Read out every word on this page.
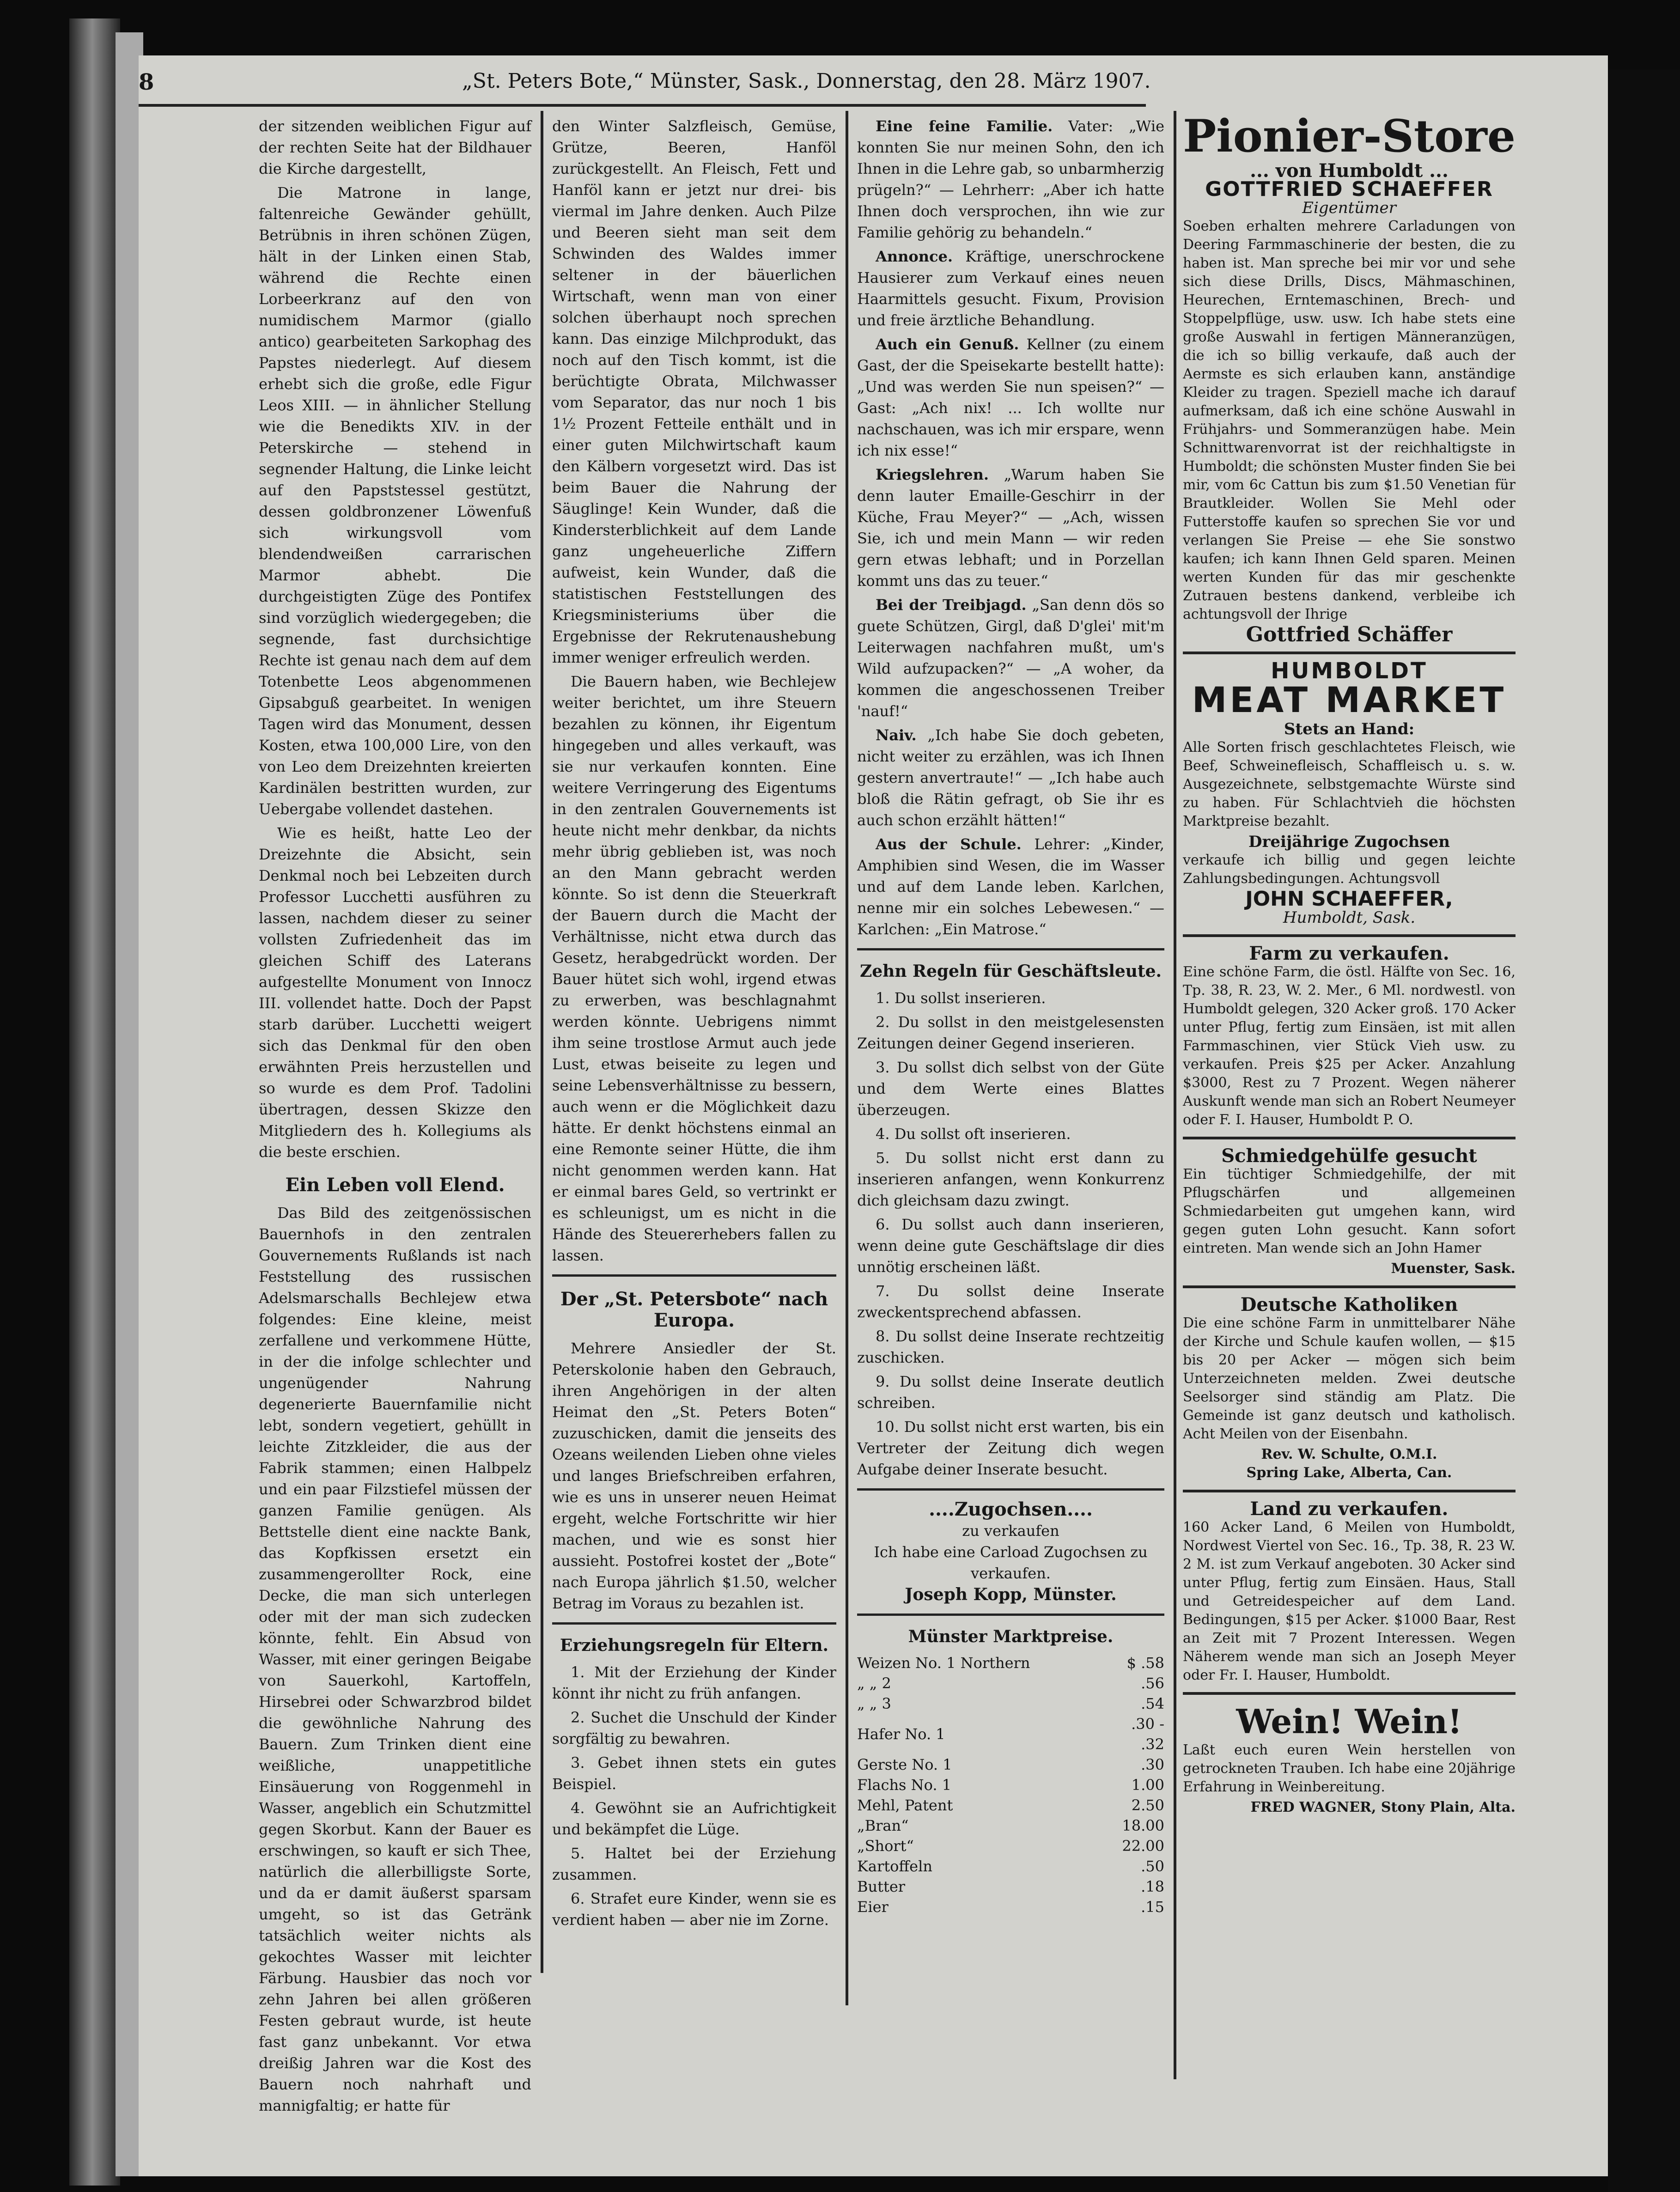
8	„St. Peters Bote,“ Münster, Sask., Donnerstag, den 28. März 1907.

der sitzenden weiblichen Figur auf der rechten Seite hat der Bildhauer die Kirche dargestellt,

Die Matrone in lange, faltenreiche Gewänder gehüllt, Betrübnis in ihren schönen Zügen, hält in der Linken einen Stab, während die Rechte einen Lorbeerkranz auf den von numidischem Marmor (giallo antico) gearbeiteten Sarkophag des Papstes niederlegt. Auf diesem erhebt sich die große, edle Figur Leos XIII. — in ähnlicher Stellung wie die Benedikts XIV. in der Peterskirche — stehend in segnender Haltung, die Linke leicht auf den Papststessel gestützt, dessen goldbronzener Löwenfuß sich wirkungsvoll vom blendendweißen carrarischen Marmor abhebt. Die durchgeistigten Züge des Pontifex sind vorzüglich wiedergegeben; die segnende, fast durchsichtige Rechte ist genau nach dem auf dem Totenbette Leos abgenommenen Gipsabguß gearbeitet. In wenigen Tagen wird das Monument, dessen Kosten, etwa 100,000 Lire, von den von Leo dem Dreizehnten kreierten Kardinälen bestritten wurden, zur Uebergabe vollendet dastehen.

Wie es heißt, hatte Leo der Dreizehnte die Absicht, sein Denkmal noch bei Lebzeiten durch Professor Lucchetti ausführen zu lassen, nachdem dieser zu seiner vollsten Zufriedenheit das im gleichen Schiff des Laterans aufgestellte Monument von Innocz III. vollendet hatte. Doch der Papst starb darüber. Lucchetti weigert sich das Denkmal für den oben erwähnten Preis herzustellen und so wurde es dem Prof. Tadolini übertragen, dessen Skizze den Mitgliedern des h. Kollegiums als die beste erschien.

Ein Leben voll Elend.

Das Bild des zeitgenössischen Bauernhofs in den zentralen Gouvernements Rußlands ist nach Feststellung des russischen Adelsmarschalls Bechlejew etwa folgendes: Eine kleine, meist zerfallene und verkommene Hütte, in der die infolge schlechter und ungenügender Nahrung degenerierte Bauernfamilie nicht lebt, sondern vegetiert, gehüllt in leichte Zitzkleider, die aus der Fabrik stammen; einen Halbpelz und ein paar Filzstiefel müssen der ganzen Familie genügen. Als Bettstelle dient eine nackte Bank, das Kopfkissen ersetzt ein zusammengerollter Rock, eine Decke, die man sich unterlegen oder mit der man sich zudecken könnte, fehlt. Ein Absud von Wasser, mit einer geringen Beigabe von Sauerkohl, Kartoffeln, Hirsebrei oder Schwarzbrod bildet die gewöhnliche Nahrung des Bauern. Zum Trinken dient eine weißliche, unappetitliche Einsäuerung von Roggenmehl in Wasser, angeblich ein Schutzmittel gegen Skorbut. Kann der Bauer es erschwingen, so kauft er sich Thee, natürlich die allerbilligste Sorte, und da er damit äußerst sparsam umgeht, so ist das Getränk tatsächlich weiter nichts als gekochtes Wasser mit leichter Färbung. Hausbier das noch vor zehn Jahren bei allen größeren Festen gebraut wurde, ist heute fast ganz unbekannt. Vor etwa dreißig Jahren war die Kost des Bauern noch nahrhaft und mannigfaltig; er hatte für

den Winter Salzfleisch, Gemüse, Grütze, Beeren, Hanföl zurückgestellt. An Fleisch, Fett und Hanföl kann er jetzt nur drei- bis viermal im Jahre denken. Auch Pilze und Beeren sieht man seit dem Schwinden des Waldes immer seltener in der bäuerlichen Wirtschaft, wenn man von einer solchen überhaupt noch sprechen kann. Das einzige Milchprodukt, das noch auf den Tisch kommt, ist die berüchtigte Obrata, Milchwasser vom Separator, das nur noch 1 bis 1½ Prozent Fetteile enthält und in einer guten Milchwirtschaft kaum den Kälbern vorgesetzt wird. Das ist beim Bauer die Nahrung der Säuglinge! Kein Wunder, daß die Kindersterblichkeit auf dem Lande ganz ungeheuerliche Ziffern aufweist, kein Wunder, daß die statistischen Feststellungen des Kriegsministeriums über die Ergebnisse der Rekrutenaushebung immer weniger erfreulich werden.

Die Bauern haben, wie Bechlejew weiter berichtet, um ihre Steuern bezahlen zu können, ihr Eigentum hingegeben und alles verkauft, was sie nur verkaufen konnten. Eine weitere Verringerung des Eigentums in den zentralen Gouvernements ist heute nicht mehr denkbar, da nichts mehr übrig geblieben ist, was noch an den Mann gebracht werden könnte. So ist denn die Steuerkraft der Bauern durch die Macht der Verhältnisse, nicht etwa durch das Gesetz, herabgedrückt worden. Der Bauer hütet sich wohl, irgend etwas zu erwerben, was beschlagnahmt werden könnte. Uebrigens nimmt ihm seine trostlose Armut auch jede Lust, etwas beiseite zu legen und seine Lebensverhältnisse zu bessern, auch wenn er die Möglichkeit dazu hätte. Er denkt höchstens einmal an eine Remonte seiner Hütte, die ihm nicht genommen werden kann. Hat er einmal bares Geld, so vertrinkt er es schleunigst, um es nicht in die Hände des Steuererhebers fallen zu lassen.

Der „St. Petersbote“ nach Europa.

Mehrere Ansiedler der St. Peterskolonie haben den Gebrauch, ihren Angehörigen in der alten Heimat den „St. Peters Boten“ zuzuschicken, damit die jenseits des Ozeans weilenden Lieben ohne vieles und langes Briefschreiben erfahren, wie es uns in unserer neuen Heimat ergeht, welche Fortschritte wir hier machen, und wie es sonst hier aussieht. Postofrei kostet der „Bote“ nach Europa jährlich $1.50, welcher Betrag im Voraus zu bezahlen ist.

Erziehungsregeln für Eltern.

1. Mit der Erziehung der Kinder könnt ihr nicht zu früh anfangen.

2. Suchet die Unschuld der Kinder sorgfältig zu bewahren.

3. Gebet ihnen stets ein gutes Beispiel.

4. Gewöhnt sie an Aufrichtigkeit und bekämpfet die Lüge.

5. Haltet bei der Erziehung zusammen.

6. Strafet eure Kinder, wenn sie es verdient haben — aber nie im Zorne.

Eine feine Familie. Vater: „Wie konnten Sie nur meinen Sohn, den ich Ihnen in die Lehre gab, so unbarmherzig prügeln?“ — Lehrherr: „Aber ich hatte Ihnen doch versprochen, ihn wie zur Familie gehörig zu behandeln.“

Annonce. Kräftige, unerschrockene Hausierer zum Verkauf eines neuen Haarmittels gesucht. Fixum, Provision und freie ärztliche Behandlung.

Auch ein Genuß. Kellner (zu einem Gast, der die Speisekarte bestellt hatte): „Und was werden Sie nun speisen?“ — Gast: „Ach nix! ... Ich wollte nur nachschauen, was ich mir erspare, wenn ich nix esse!“

Kriegslehren. „Warum haben Sie denn lauter Emaille-Geschirr in der Küche, Frau Meyer?“ — „Ach, wissen Sie, ich und mein Mann — wir reden gern etwas lebhaft; und in Porzellan kommt uns das zu teuer.“

Bei der Treibjagd. „San denn dös so guete Schützen, Girgl, daß D'glei' mit'm Leiterwagen nachfahren mußt, um's Wild aufzupacken?“ — „A woher, da kommen die angeschossenen Treiber 'nauf!“

Naiv. „Ich habe Sie doch gebeten, nicht weiter zu erzählen, was ich Ihnen gestern anvertraute!“ — „Ich habe auch bloß die Rätin gefragt, ob Sie ihr es auch schon erzählt hätten!“

Aus der Schule. Lehrer: „Kinder, Amphibien sind Wesen, die im Wasser und auf dem Lande leben. Karlchen, nenne mir ein solches Lebewesen.“ — Karlchen: „Ein Matrose.“

Zehn Regeln für Geschäftsleute.

1. Du sollst inserieren.

2. Du sollst in den meistgelesensten Zeitungen deiner Gegend inserieren.

3. Du sollst dich selbst von der Güte und dem Werte eines Blattes überzeugen.

4. Du sollst oft inserieren.

5. Du sollst nicht erst dann zu inserieren anfangen, wenn Konkurrenz dich gleichsam dazu zwingt.

6. Du sollst auch dann inserieren, wenn deine gute Geschäftslage dir dies unnötig erscheinen läßt.

7. Du sollst deine Inserate zweckentsprechend abfassen.

8. Du sollst deine Inserate rechtzeitig zuschicken.

9. Du sollst deine Inserate deutlich schreiben.

10. Du sollst nicht erst warten, bis ein Vertreter der Zeitung dich wegen Aufgabe deiner Inserate besucht.

....Zugochsen....
zu verkaufen
Ich habe eine Carload Zugochsen zu verkaufen.
Joseph Kopp, Münster.
Münster Marktpreise.
Weizen No. 1 Northern	$ .58
„ „ 2	.56
„ „ 3	.54
Hafer No. 1	.30 - .32
Gerste No. 1	.30
Flachs No. 1	1.00
Mehl, Patent	2.50
„Bran“	18.00
„Short“	22.00
Kartoffeln	.50
Butter	.18
Eier	.15
Pionier-Store
... von Humboldt ...
GOTTFRIED SCHAEFFER
Eigentümer

Soeben erhalten mehrere Carladungen von Deering Farmmaschinerie der besten, die zu haben ist. Man spreche bei mir vor und sehe sich diese Drills, Discs, Mähmaschinen, Heurechen, Erntemaschinen, Brech- und Stoppelpflüge, usw. usw. Ich habe stets eine große Auswahl in fertigen Männeranzügen, die ich so billig verkaufe, daß auch der Aermste es sich erlauben kann, anständige Kleider zu tragen. Speziell mache ich darauf aufmerksam, daß ich eine schöne Auswahl in Frühjahrs- und Sommeranzügen habe. Mein Schnittwarenvorrat ist der reichhaltigste in Humboldt; die schönsten Muster finden Sie bei mir, vom 6c Cattun bis zum $1.50 Venetian für Brautkleider. Wollen Sie Mehl oder Futterstoffe kaufen so sprechen Sie vor und verlangen Sie Preise — ehe Sie sonstwo kaufen; ich kann Ihnen Geld sparen. Meinen werten Kunden für das mir geschenkte Zutrauen bestens dankend, verbleibe ich achtungsvoll der Ihrige

Gottfried Schäffer
HUMBOLDT
MEAT MARKET
Stets an Hand:

Alle Sorten frisch geschlachtetes Fleisch, wie Beef, Schweinefleisch, Schaffleisch u. s. w. Ausgezeichnete, selbstgemachte Würste sind zu haben. Für Schlachtvieh die höchsten Marktpreise bezahlt.

Dreijährige Zugochsen

verkaufe ich billig und gegen leichte Zahlungsbedingungen. Achtungsvoll

JOHN SCHAEFFER,
Humboldt, Sask.
Farm zu verkaufen.

Eine schöne Farm, die östl. Hälfte von Sec. 16, Tp. 38, R. 23, W. 2. Mer., 6 Ml. nordwestl. von Humboldt gelegen, 320 Acker groß. 170 Acker unter Pflug, fertig zum Einsäen, ist mit allen Farmmaschinen, vier Stück Vieh usw. zu verkaufen. Preis $25 per Acker. Anzahlung $3000, Rest zu 7 Prozent. Wegen näherer Auskunft wende man sich an Robert Neumeyer oder F. I. Hauser, Humboldt P. O.

Schmiedgehülfe gesucht

Ein tüchtiger Schmiedgehilfe, der mit Pflugschärfen und allgemeinen Schmiedarbeiten gut umgehen kann, wird gegen guten Lohn gesucht. Kann sofort eintreten. Man wende sich an John Hamer

Muenster, Sask.
Deutsche Katholiken

Die eine schöne Farm in unmittelbarer Nähe der Kirche und Schule kaufen wollen, — $15 bis 20 per Acker — mögen sich beim Unterzeichneten melden. Zwei deutsche Seelsorger sind ständig am Platz. Die Gemeinde ist ganz deutsch und katholisch. Acht Meilen von der Eisenbahn.

Rev. W. Schulte, O.M.I.
Spring Lake, Alberta, Can.
Land zu verkaufen.

160 Acker Land, 6 Meilen von Humboldt, Nordwest Viertel von Sec. 16., Tp. 38, R. 23 W. 2 M. ist zum Verkauf angeboten. 30 Acker sind unter Pflug, fertig zum Einsäen. Haus, Stall und Getreidespeicher auf dem Land. Bedingungen, $15 per Acker. $1000 Baar, Rest an Zeit mit 7 Prozent Interessen. Wegen Näherem wende man sich an Joseph Meyer oder Fr. I. Hauser, Humboldt.

Wein! Wein!

Laßt euch euren Wein herstellen von getrockneten Trauben. Ich habe eine 20jährige Erfahrung in Weinbereitung.

FRED WAGNER, Stony Plain, Alta.
